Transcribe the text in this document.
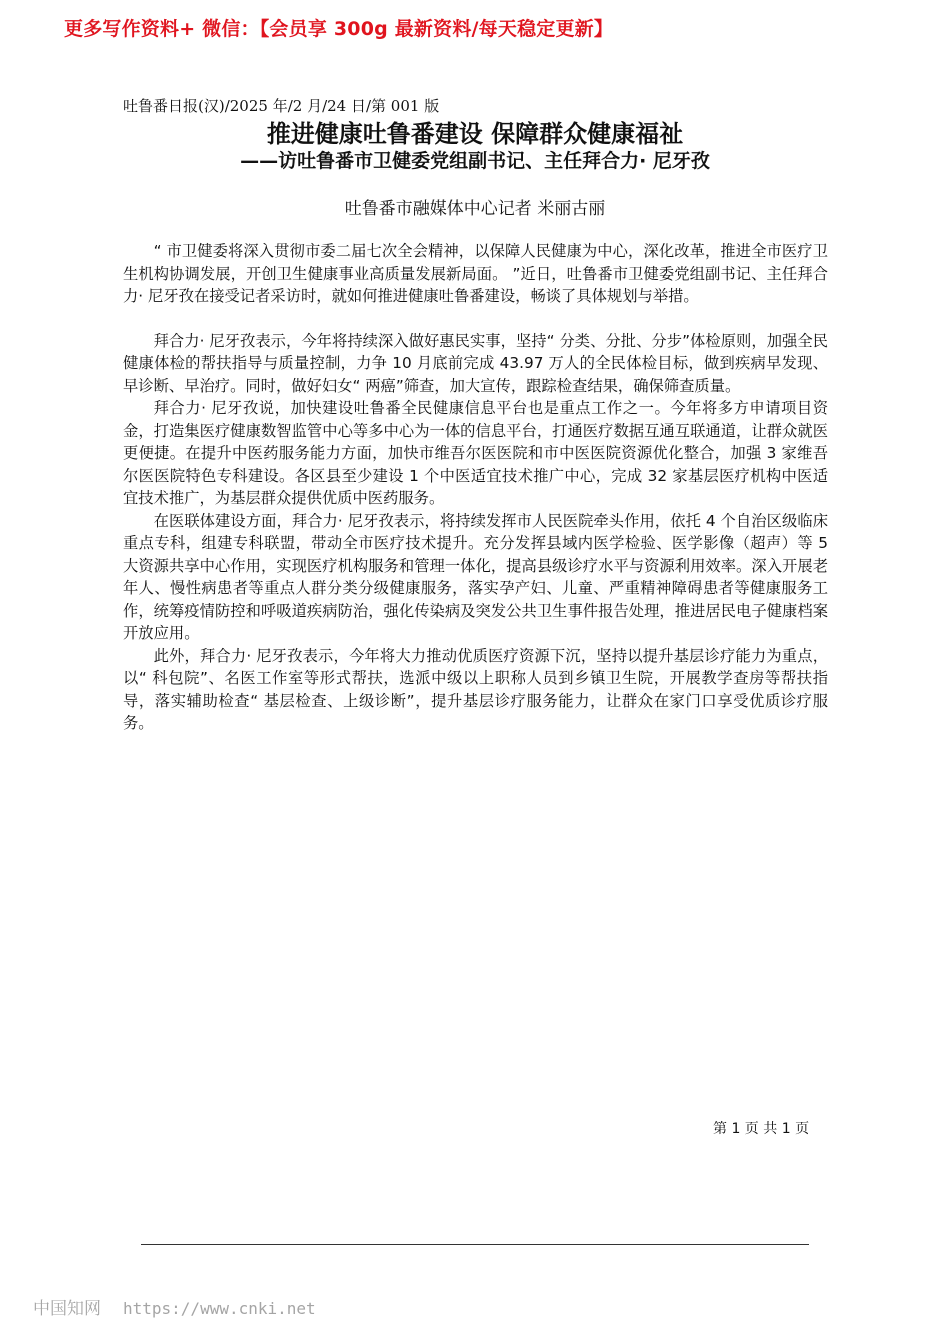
更多写作资料+ 微信：【会员享 300g 最新资料/每天稳定更新】
吐鲁番日报(汉)/2025 年/2 月/24 日/第 001 版
推进健康吐鲁番建设 保障群众健康福祉
——访吐鲁番市卫健委党组副书记、主任拜合力· 尼牙孜
吐鲁番市融媒体中心记者 米丽古丽

“ 市卫健委将深入贯彻市委二届七次全会精神，以保障人民健康为中心，深化改革，推进全市医疗卫生机构协调发展，开创卫生健康事业高质量发展新局面。 ”近日，吐鲁番市卫健委党组副书记、主任拜合力· 尼牙孜在接受记者采访时，就如何推进健康吐鲁番建设，畅谈了具体规划与举措。

拜合力· 尼牙孜表示，今年将持续深入做好惠民实事，坚持“ 分类、分批、分步”体检原则，加强全民健康体检的帮扶指导与质量控制，力争 10 月底前完成 43.97 万人的全民体检目标，做到疾病早发现、早诊断、早治疗。同时，做好妇女“ 两癌”筛查，加大宣传，跟踪检查结果，确保筛查质量。

拜合力· 尼牙孜说，加快建设吐鲁番全民健康信息平台也是重点工作之一。今年将多方申请项目资金，打造集医疗健康数智监管中心等多中心为一体的信息平台，打通医疗数据互通互联通道，让群众就医更便捷。在提升中医药服务能力方面，加快市维吾尔医医院和市中医医院资源优化整合，加强 3 家维吾尔医医院特色专科建设。各区县至少建设 1 个中医适宜技术推广中心，完成 32 家基层医疗机构中医适宜技术推广，为基层群众提供优质中医药服务。

在医联体建设方面，拜合力· 尼牙孜表示，将持续发挥市人民医院牵头作用，依托 4 个自治区级临床重点专科，组建专科联盟，带动全市医疗技术提升。充分发挥县域内医学检验、医学影像（超声）等 5 大资源共享中心作用，实现医疗机构服务和管理一体化，提高县级诊疗水平与资源利用效率。深入开展老年人、慢性病患者等重点人群分类分级健康服务，落实孕产妇、儿童、严重精神障碍患者等健康服务工作，统筹疫情防控和呼吸道疾病防治，强化传染病及突发公共卫生事件报告处理，推进居民电子健康档案开放应用。

此外，拜合力· 尼牙孜表示，今年将大力推动优质医疗资源下沉，坚持以提升基层诊疗能力为重点，以“ 科包院”、名医工作室等形式帮扶，选派中级以上职称人员到乡镇卫生院，开展教学查房等帮扶指导，落实辅助检查“ 基层检查、上级诊断”，提升基层诊疗服务能力，让群众在家门口享受优质诊疗服务。

第 1 页 共 1 页
中国知网 https://www.cnki.net
